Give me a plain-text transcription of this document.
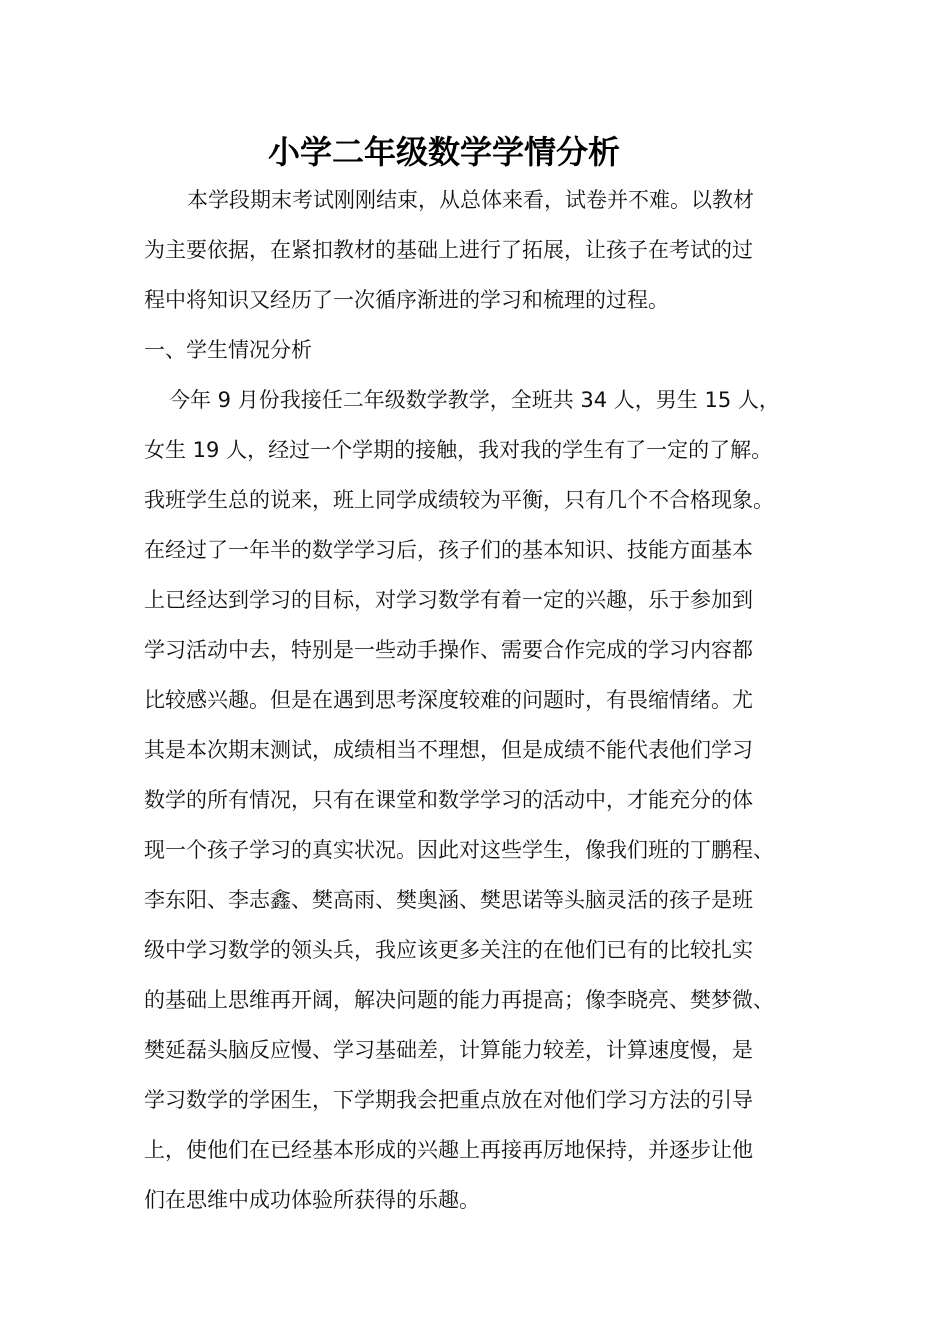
小学二年级数学学情分析
本学段期末考试刚刚结束，从总体来看，试卷并不难。以教材
为主要依据，在紧扣教材的基础上进行了拓展，让孩子在考试的过
程中将知识又经历了一次循序渐进的学习和梳理的过程。
一、学生情况分析
今年 9 月份我接任二年级数学教学，全班共 34 人，男生 15 人，
女生 19 人，经过一个学期的接触，我对我的学生有了一定的了解。
我班学生总的说来，班上同学成绩较为平衡，只有几个不合格现象。
在经过了一年半的数学学习后，孩子们的基本知识、技能方面基本
上已经达到学习的目标，对学习数学有着一定的兴趣，乐于参加到
学习活动中去，特别是一些动手操作、需要合作完成的学习内容都
比较感兴趣。但是在遇到思考深度较难的问题时，有畏缩情绪。尤
其是本次期末测试，成绩相当不理想，但是成绩不能代表他们学习
数学的所有情况，只有在课堂和数学学习的活动中，才能充分的体
现一个孩子学习的真实状况。因此对这些学生，像我们班的丁鹏程、
李东阳、李志鑫、樊高雨、樊奥涵、樊思诺等头脑灵活的孩子是班
级中学习数学的领头兵，我应该更多关注的在他们已有的比较扎实
的基础上思维再开阔，解决问题的能力再提高；像李晓亮、樊梦微、
樊延磊头脑反应慢、学习基础差，计算能力较差，计算速度慢，是
学习数学的学困生，下学期我会把重点放在对他们学习方法的引导
上，使他们在已经基本形成的兴趣上再接再厉地保持，并逐步让他
们在思维中成功体验所获得的乐趣。
